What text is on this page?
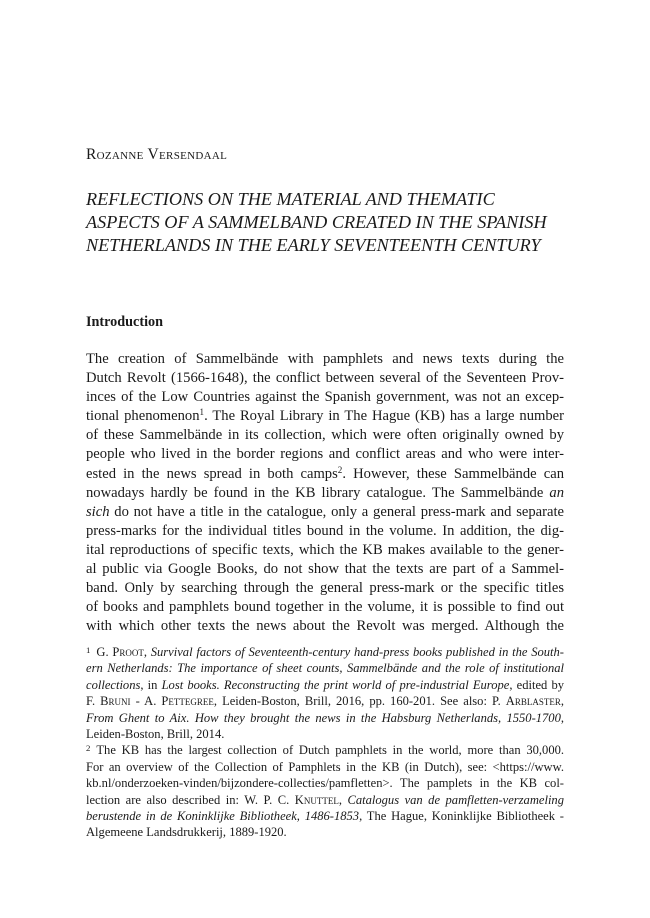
Rozanne Versendaal
REFLECTIONS ON THE MATERIAL AND THEMATIC
ASPECTS OF A SAMMELBAND CREATED IN THE SPANISH
NETHERLANDS IN THE EARLY SEVENTEENTH CENTURY
Introduction
The creation of Sammelbände with pamphlets and news texts during the
Dutch Revolt (1566-1648), the conflict between several of the Seventeen Prov-
inces of the Low Countries against the Spanish government, was not an excep-
tional phenomenon$^1$. The Royal Library in The Hague (KB) has a large number
of these Sammelbände in its collection, which were often originally owned by
people who lived in the border regions and conflict areas and who were inter-
ested in the news spread in both camps$^2$. However, these Sammelbände can
nowadays hardly be found in the KB library catalogue. The Sammelbände an
sich do not have a title in the catalogue, only a general press-mark and separate
press-marks for the individual titles bound in the volume. In addition, the dig-
ital reproductions of specific texts, which the KB makes available to the gener-
al public via Google Books, do not show that the texts are part of a Sammel-
band. Only by searching through the general press-mark or the specific titles
of books and pamphlets bound together in the volume, it is possible to find out
with which other texts the news about the Revolt was merged. Although the
$^1$ G. Proot, Survival factors of Seventeenth-century hand-press books published in the South-
ern Netherlands: The importance of sheet counts, Sammelbände and the role of institutional
collections, in Lost books. Reconstructing the print world of pre-industrial Europe, edited by
F. Bruni - A. Pettegree, Leiden-Boston, Brill, 2016, pp. 160-201. See also: P. Arblaster,
From Ghent to Aix. How they brought the news in the Habsburg Netherlands, 1550-1700,
Leiden-Boston, Brill, 2014.
$^2$ The KB has the largest collection of Dutch pamphlets in the world, more than 30,000.
For an overview of the Collection of Pamphlets in the KB (in Dutch), see: <https://www.
kb.nl/onderzoeken-vinden/bijzondere-collecties/pamfletten>. The pamplets in the KB col-
lection are also described in: W. P. C. Knuttel, Catalogus van de pamfletten-verzameling
berustende in de Koninklijke Bibliotheek, 1486-1853, The Hague, Koninklijke Bibliotheek -
Algemeene Landsdrukkerij, 1889-1920.
